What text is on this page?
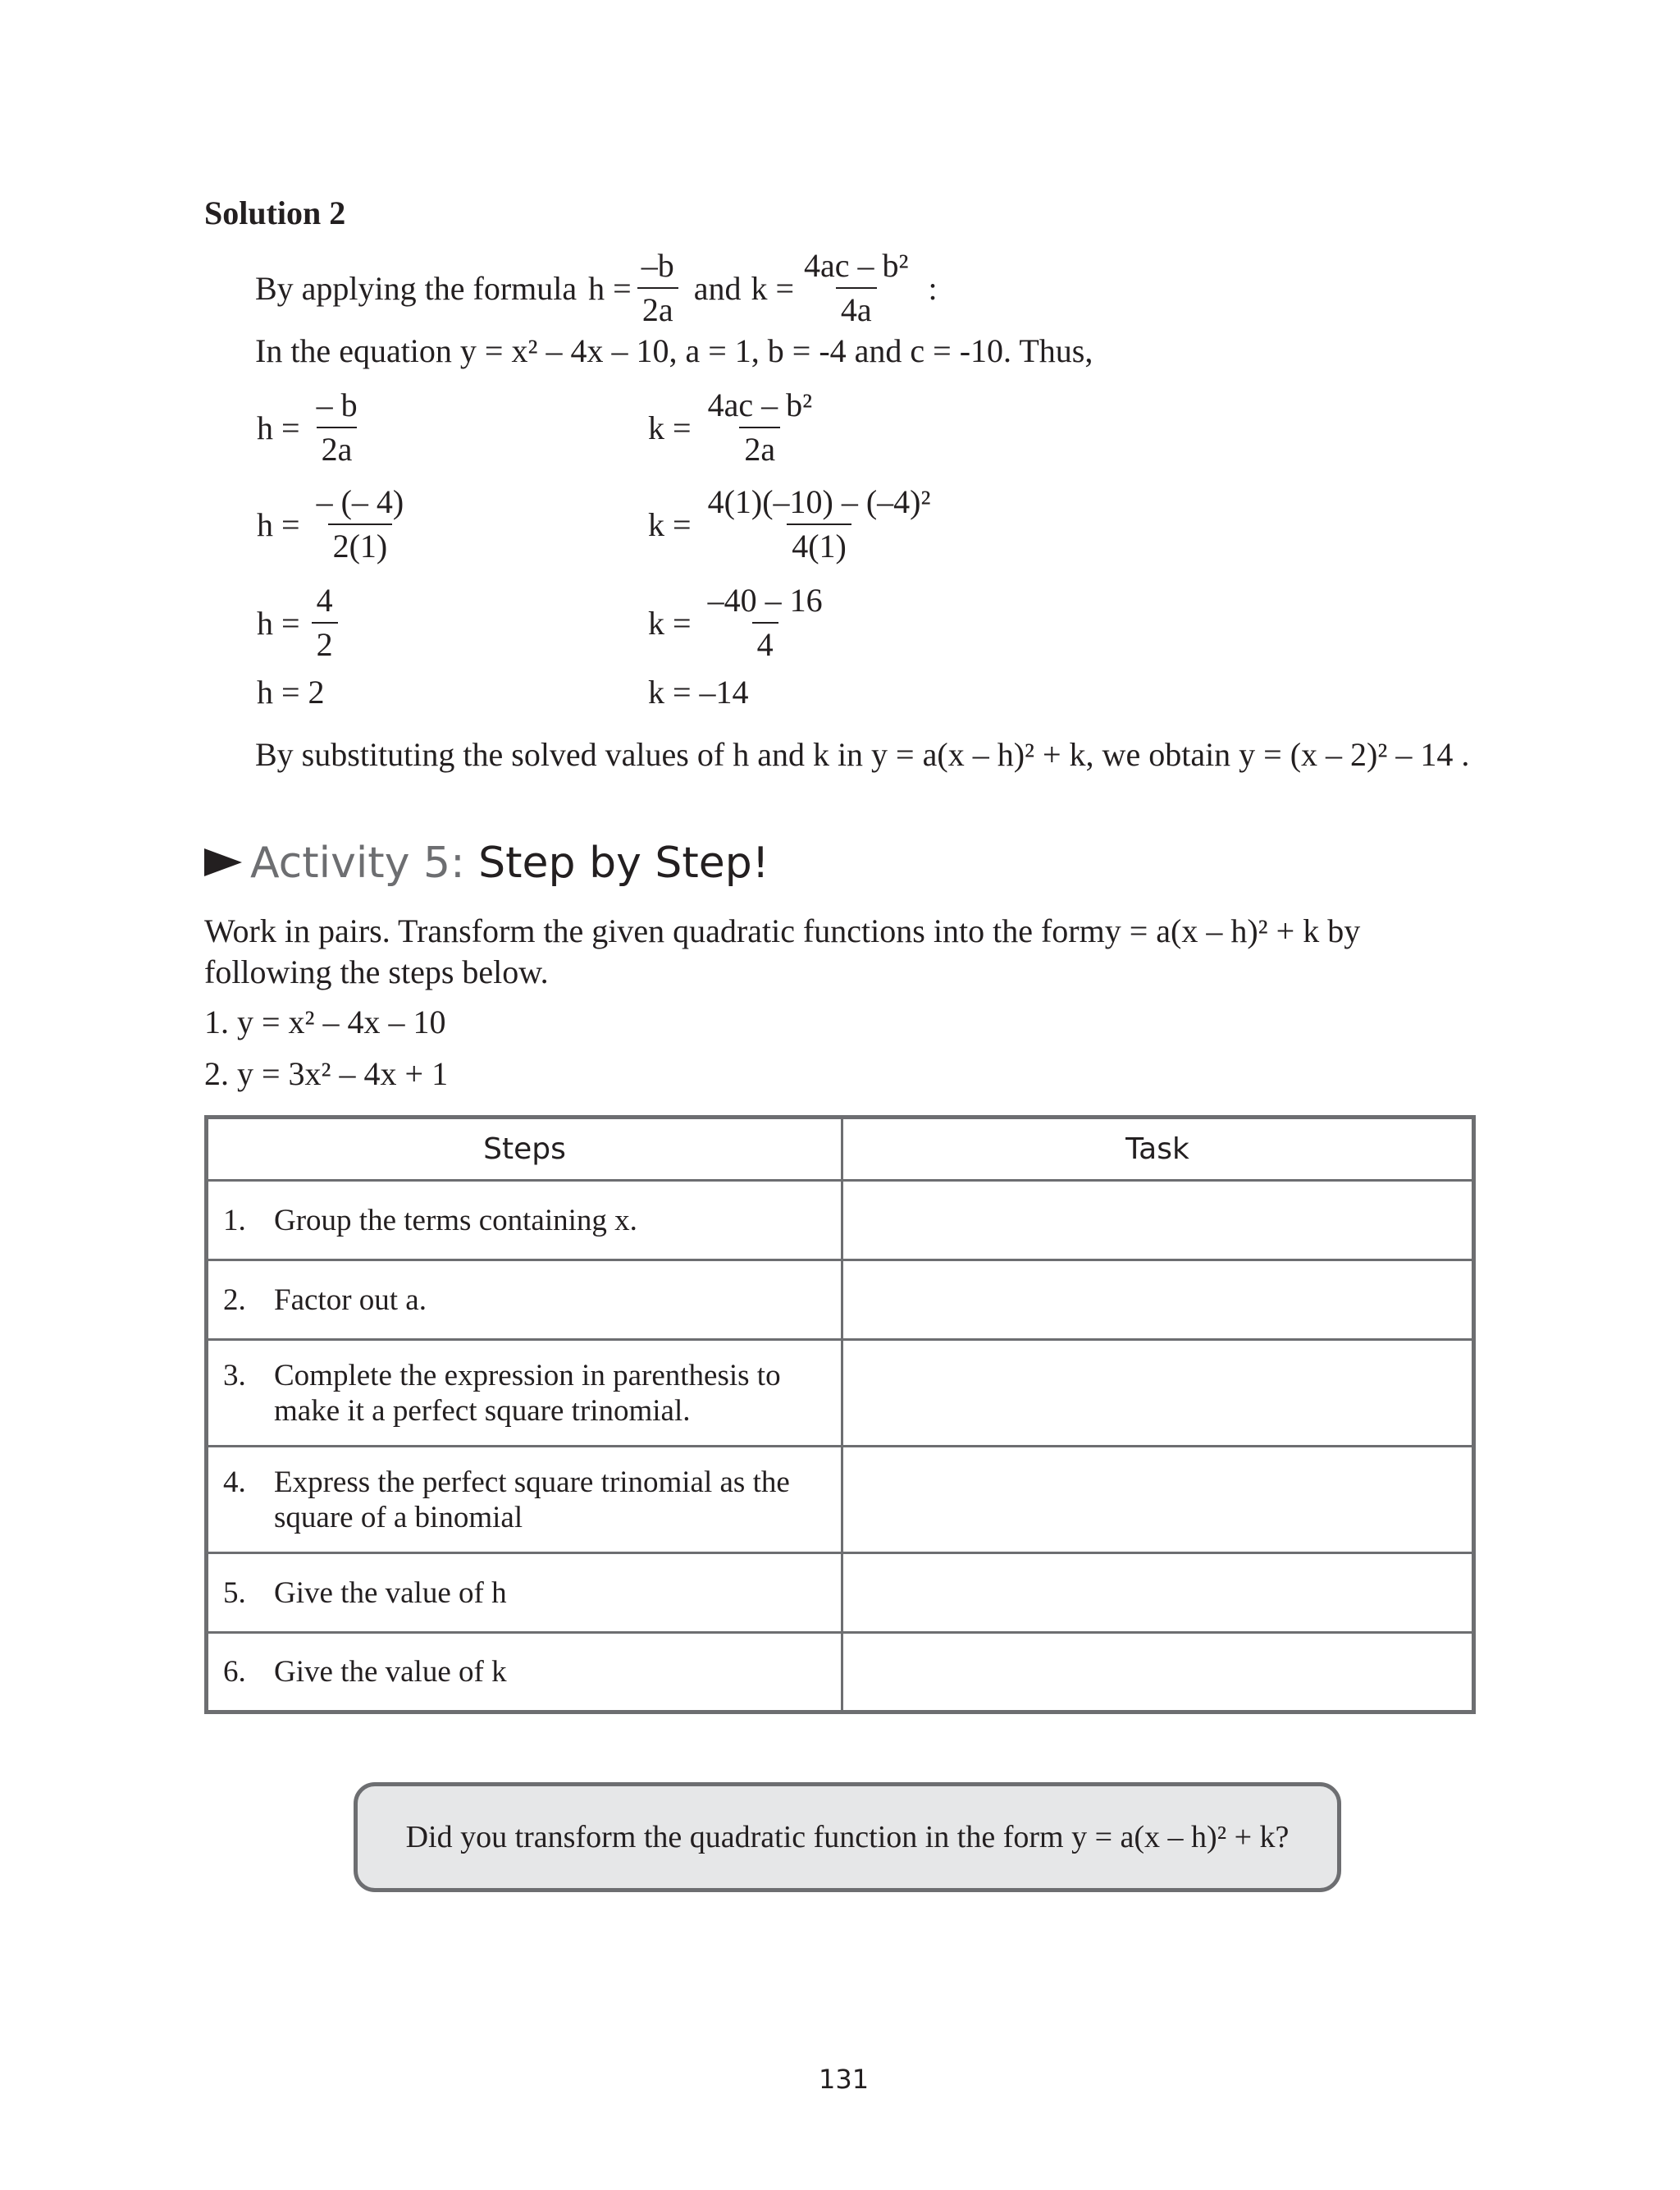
Solution 2
By applying the formula $h = \frac{-b}{2a}$ and $k = \frac{\text{4ac – b²}}{4a}$ :
In the equation y = x² – 4x – 10, a = 1, b = -4 and c = -10. Thus,
$h = \frac{- b}{2a}$
$h = \frac{- (- 4)}{2(1)}$
$h = \frac{4}{2}$
h = 2
$k = \frac{\text{4ac – b²}}{2a}$
$k = \frac{\text{4(1)(–10) – (–4)²}}{4(1)}$
$k = \frac{-40 - 16}{4}$
k = –14
By substituting the solved values of h and k in y = a(x – h)² + k, we obtain y = (x – 2)² – 14 .
Activity 5: Step by Step!
Work in pairs. Transform the given quadratic functions into the formy = a(x – h)² + k by following the steps below.
1. y = x² – 4x – 10
2. y = 3x² – 4x + 1
Steps	Task

1. Group the terms containing x.	

2. Factor out a.	

3. Complete the expression in parenthesis to make it a perfect square trinomial.	

4. Express the perfect square trinomial as the square of a binomial	

5. Give the value of h	

6. Give the value of k	

Did you transform the quadratic function in the form y = a(x – h)² + k?
131
